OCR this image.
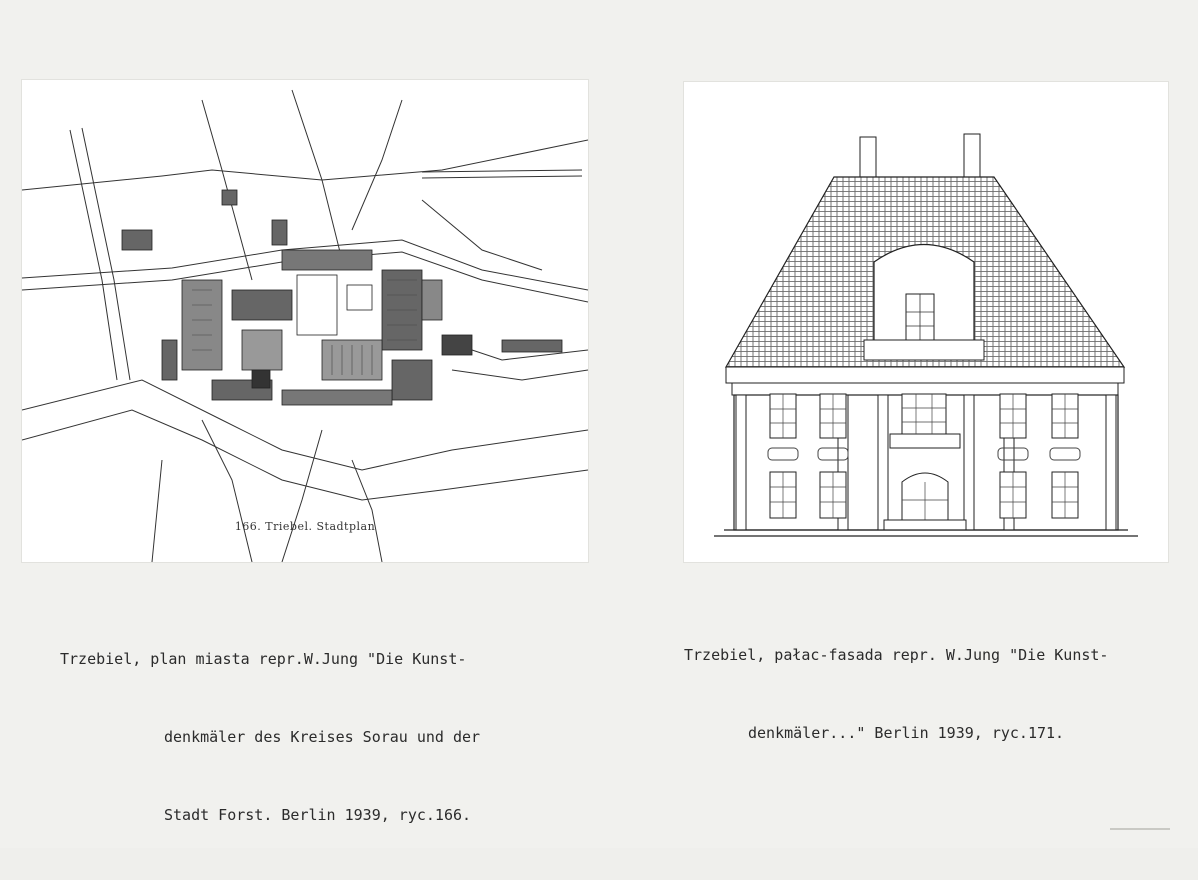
166. Triebel. Stadtplan

Trzebiel, plan miasta repr.W.Jung "Die Kunst-

denkmäler des Kreises Sorau und der

Stadt Forst. Berlin 1939, ryc.166.

Trzebiel, pałac-fasada repr. W.Jung "Die Kunst-

denkmäler..." Berlin 1939, ryc.171.
